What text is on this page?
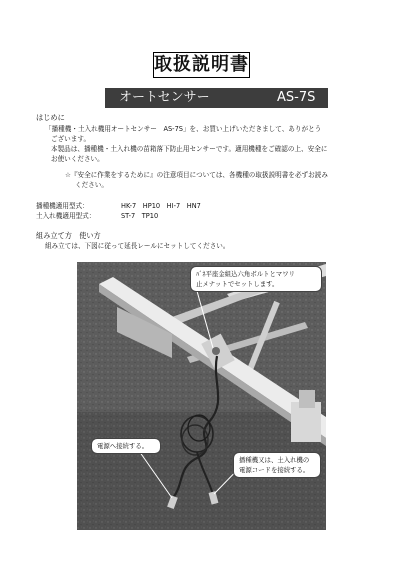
取扱説明書
オートセンサー	AS-7S
はじめに
「播種機・土入れ機用オートセンサー　AS-7S」を、お買い上げいただきまして、ありがとう
ございます。
本製品は、播種機・土入れ機の苗箱落下防止用センサーです。適用機種をご確認の上、安全に
お使いください。
☆『安全に作業をするために』の注意項目については、各機種の取扱説明書を必ずお読み
ください。
播種機適用型式：	HK-7　HP10　HI-7　HN7
土入れ機適用型式：	ST-7　TP10
組み立て方　使い方
組み立ては、下図に従って延長レールにセットしてください。
ﾊﾞﾈ平座金組込六角ボルトとマワリ
止メナットでセットします。
電源へ接続する。
播種機又は、土入れ機の
電源コードを接続する。
